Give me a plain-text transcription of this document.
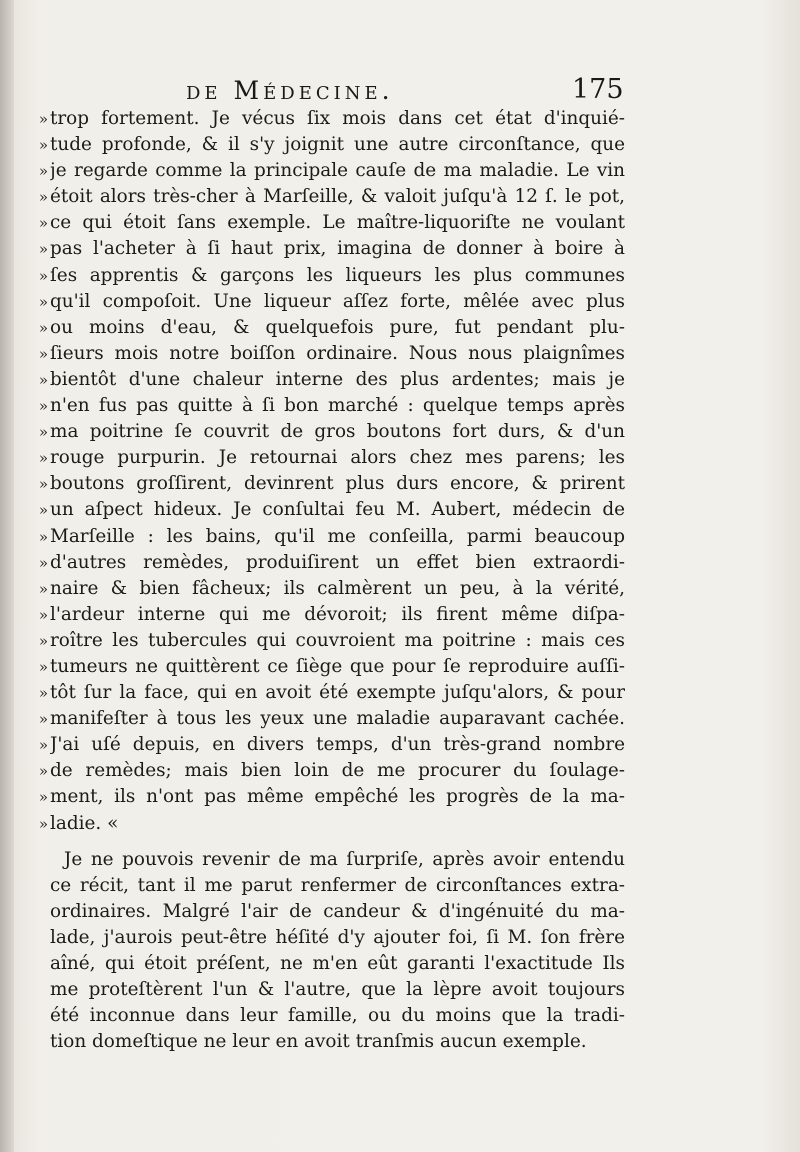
de Médecine.	175
» trop fortement. Je vécus ſix mois dans cet état d'inquié-
» tude profonde, & il s'y joignit une autre circonſtance, que
» je regarde comme la principale cauſe de ma maladie. Le vin
» étoit alors très-cher à Marſeille, & valoit juſqu'à 12 ſ. le pot,
» ce qui étoit ſans exemple. Le maître-liquoriſte ne voulant
» pas l'acheter à ſi haut prix, imagina de donner à boire à
» ſes apprentis & garçons les liqueurs les plus communes
» qu'il compoſoit. Une liqueur aſſez forte, mêlée avec plus
» ou moins d'eau, & quelquefois pure, fut pendant plu-
» ſieurs mois notre boiſſon ordinaire. Nous nous plaignîmes
» bientôt d'une chaleur interne des plus ardentes; mais je
» n'en fus pas quitte à ſi bon marché : quelque temps après
» ma poitrine ſe couvrit de gros boutons fort durs, & d'un
» rouge purpurin. Je retournai alors chez mes parens; les
» boutons groſſirent, devinrent plus durs encore, & prirent
» un aſpect hideux. Je conſultai feu M. Aubert, médecin de
» Marſeille : les bains, qu'il me conſeilla, parmi beaucoup
» d'autres remèdes, produiſirent un effet bien extraordi-
» naire & bien fâcheux; ils calmèrent un peu, à la vérité,
» l'ardeur interne qui me dévoroit; ils firent même diſpa-
» roître les tubercules qui couvroient ma poitrine : mais ces
» tumeurs ne quittèrent ce ſiège que pour ſe reproduire auſſi-
» tôt ſur la face, qui en avoit été exempte juſqu'alors, & pour
» manifeſter à tous les yeux une maladie auparavant cachée.
» J'ai uſé depuis, en divers temps, d'un très-grand nombre
» de remèdes; mais bien loin de me procurer du ſoulage-
» ment, ils n'ont pas même empêché les progrès de la ma-
» ladie. «
Je ne pouvois revenir de ma ſurpriſe, après avoir entendu
ce récit, tant il me parut renfermer de circonſtances extra-
ordinaires. Malgré l'air de candeur & d'ingénuité du ma-
lade, j'aurois peut-être héſité d'y ajouter foi, ſi M. ſon frère
aîné, qui étoit préſent, ne m'en eût garanti l'exactitude Ils
me proteſtèrent l'un & l'autre, que la lèpre avoit toujours
été inconnue dans leur famille, ou du moins que la tradi-
tion domeſtique ne leur en avoit tranſmis aucun exemple.
